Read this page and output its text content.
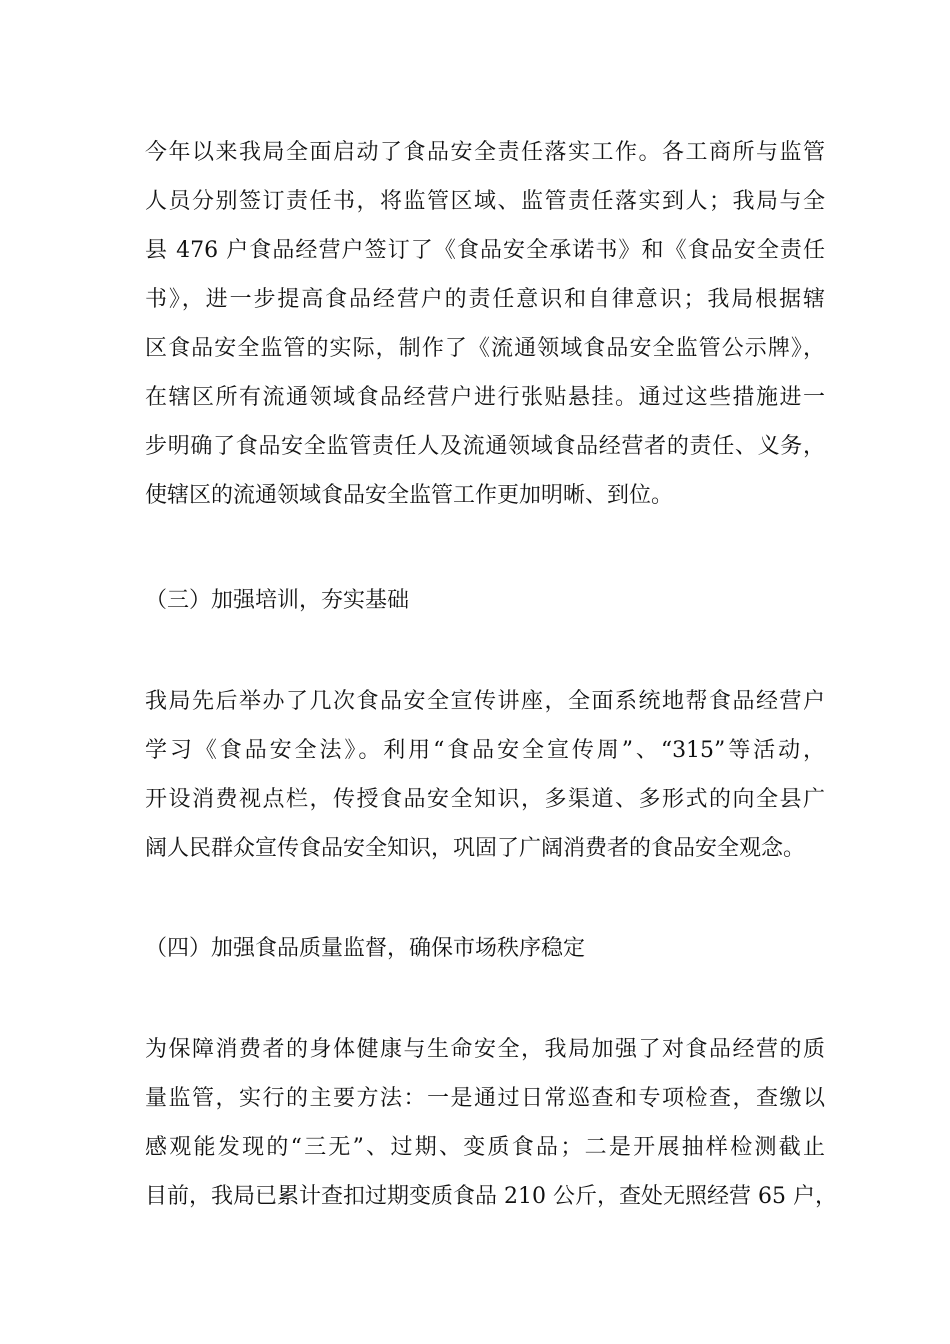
今年以来我局全面启动了食品安全责任落实工作。各工商所与监管
人员分别签订责任书，将监管区域、监管责任落实到人；我局与全
县 476 户食品经营户签订了《食品安全承诺书》和《食品安全责任
书》，进一步提高食品经营户的责任意识和自律意识；我局根据辖
区食品安全监管的实际，制作了《流通领域食品安全监管公示牌》，
在辖区所有流通领域食品经营户进行张贴悬挂。通过这些措施进一
步明确了食品安全监管责任人及流通领域食品经营者的责任、义务，
使辖区的流通领域食品安全监管工作更加明晰、到位。
（三）加强培训，夯实基础
我局先后举办了几次食品安全宣传讲座，全面系统地帮食品经营户
学习《食品安全法》。利用“食品安全宣传周”、“315”等活动，
开设消费视点栏，传授食品安全知识，多渠道、多形式的向全县广
阔人民群众宣传食品安全知识，巩固了广阔消费者的食品安全观念。
（四）加强食品质量监督，确保市场秩序稳定
为保障消费者的身体健康与生命安全，我局加强了对食品经营的质
量监管，实行的主要方法：一是通过日常巡查和专项检查，查缴以
感观能发现的“三无”、过期、变质食品；二是开展抽样检测截止
目前，我局已累计查扣过期变质食品 210 公斤，查处无照经营 65 户，
